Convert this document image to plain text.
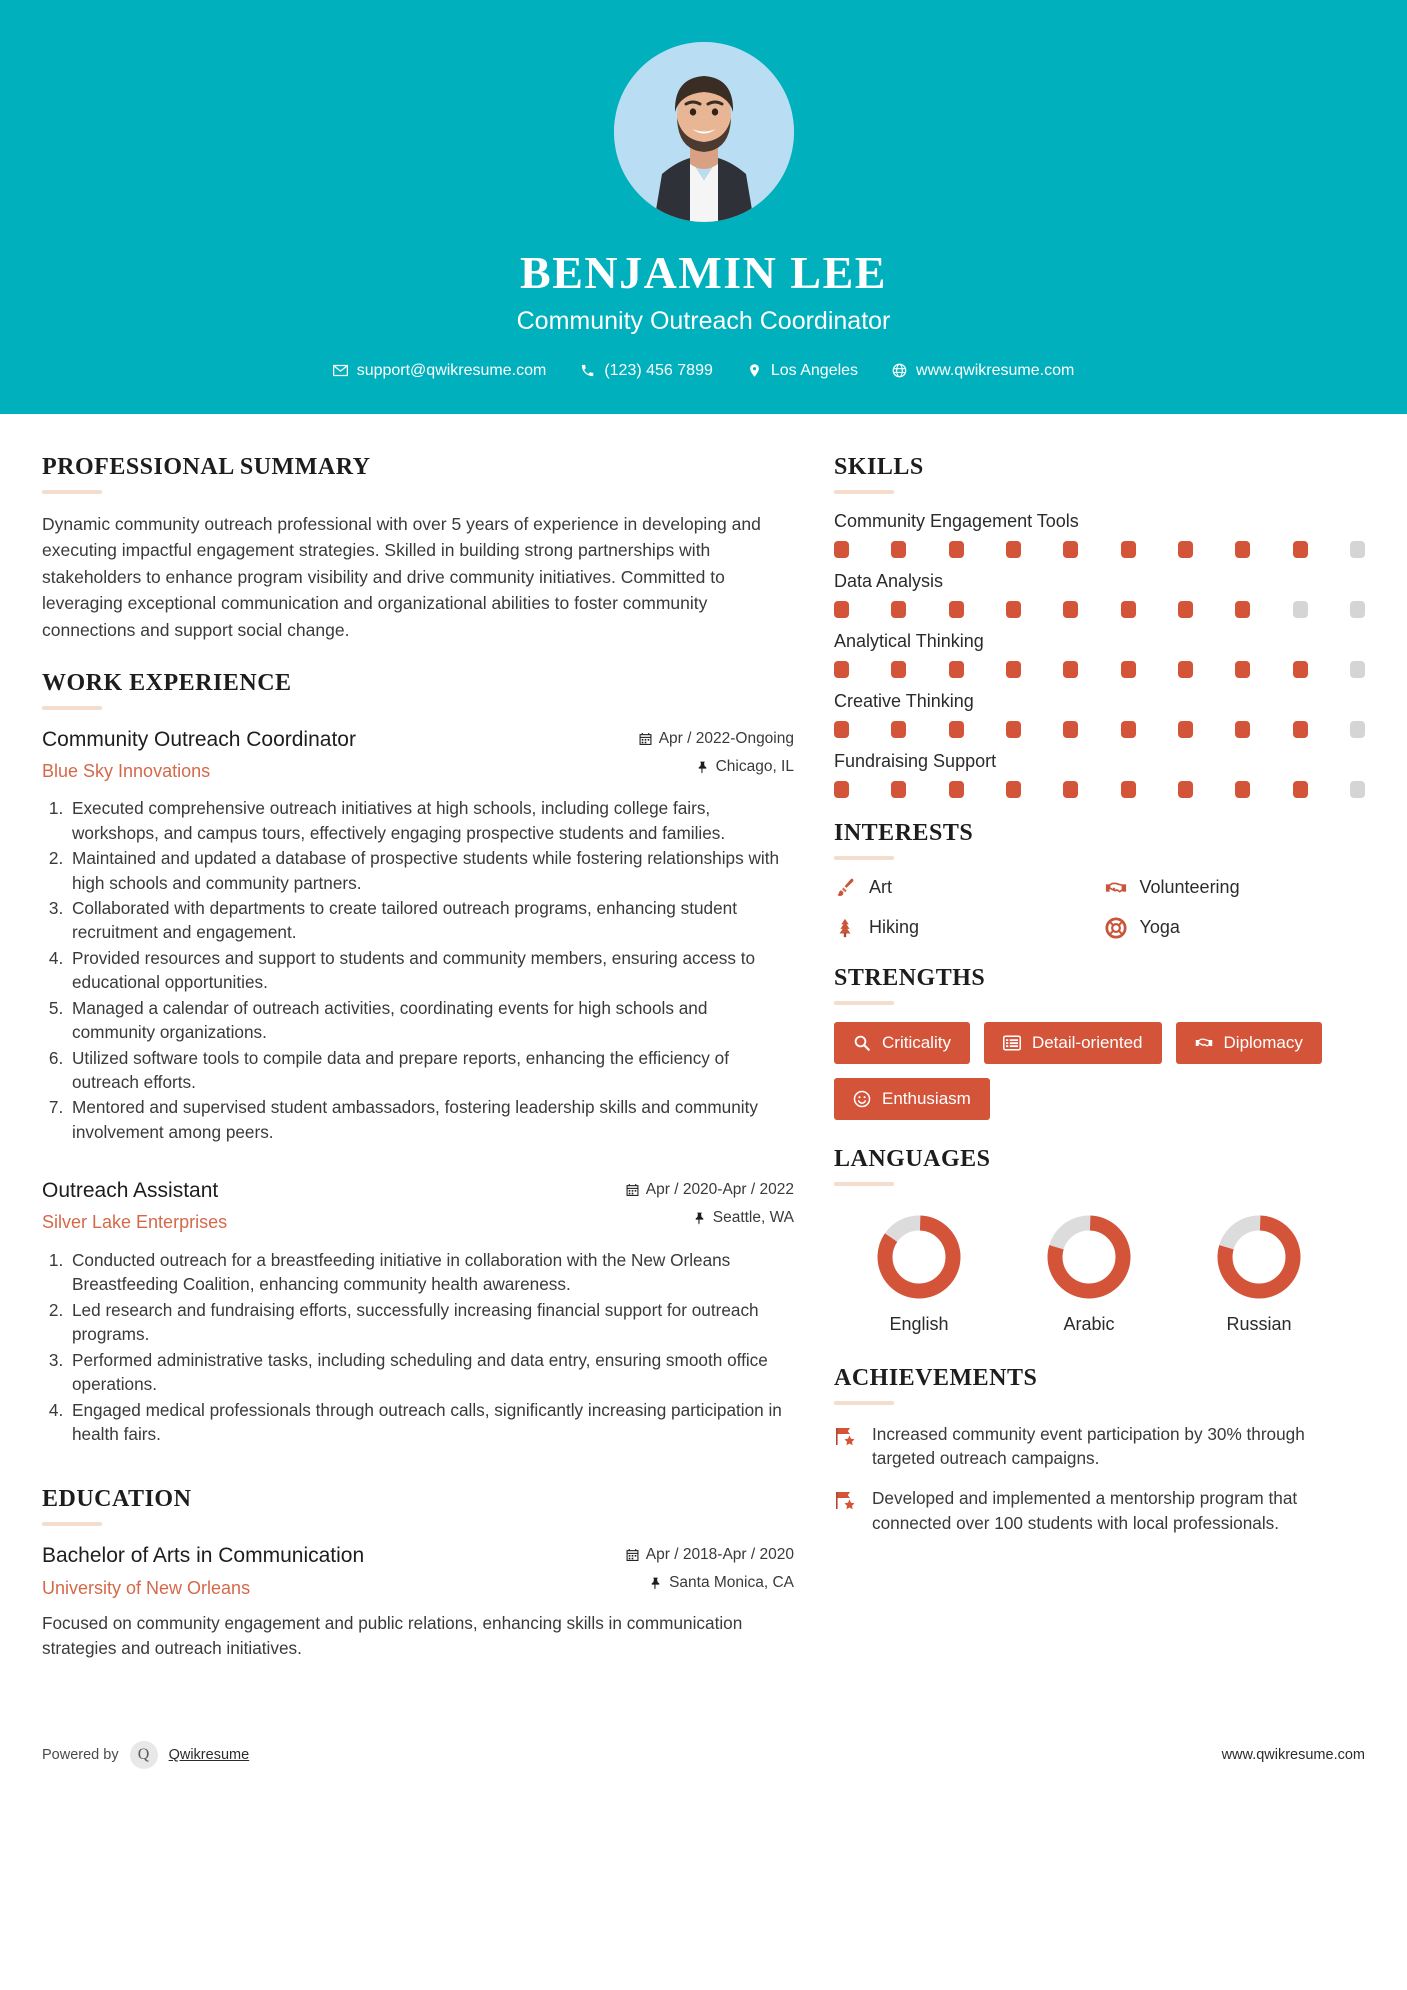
BENJAMIN LEE
Community Outreach Coordinator
support@qwikresume.com	(123) 456 7899	Los Angeles	www.qwikresume.com
PROFESSIONAL SUMMARY
Dynamic community outreach professional with over 5 years of experience in developing and executing impactful engagement strategies. Skilled in building strong partnerships with stakeholders to enhance program visibility and drive community initiatives. Committed to leveraging exceptional communication and organizational abilities to foster community connections and support social change.
WORK EXPERIENCE
Community Outreach Coordinator
Blue Sky Innovations
Apr / 2022-Ongoing
Chicago, IL
1. Executed comprehensive outreach initiatives at high schools, including college fairs, workshops, and campus tours, effectively engaging prospective students and families.
2. Maintained and updated a database of prospective students while fostering relationships with high schools and community partners.
3. Collaborated with departments to create tailored outreach programs, enhancing student recruitment and engagement.
4. Provided resources and support to students and community members, ensuring access to educational opportunities.
5. Managed a calendar of outreach activities, coordinating events for high schools and community organizations.
6. Utilized software tools to compile data and prepare reports, enhancing the efficiency of outreach efforts.
7. Mentored and supervised student ambassadors, fostering leadership skills and community involvement among peers.
Outreach Assistant
Silver Lake Enterprises
Apr / 2020-Apr / 2022
Seattle, WA
1. Conducted outreach for a breastfeeding initiative in collaboration with the New Orleans Breastfeeding Coalition, enhancing community health awareness.
2. Led research and fundraising efforts, successfully increasing financial support for outreach programs.
3. Performed administrative tasks, including scheduling and data entry, ensuring smooth office operations.
4. Engaged medical professionals through outreach calls, significantly increasing participation in health fairs.
EDUCATION
Bachelor of Arts in Communication
University of New Orleans
Apr / 2018-Apr / 2020
Santa Monica, CA
Focused on community engagement and public relations, enhancing skills in communication strategies and outreach initiatives.
SKILLS
Community Engagement Tools
Data Analysis
Analytical Thinking
Creative Thinking
Fundraising Support
INTERESTS
Art	Volunteering
Hiking	Yoga
STRENGTHS
Criticality	Detail-oriented	Diplomacy
Enthusiasm
LANGUAGES
English	Arabic	Russian
ACHIEVEMENTS
Increased community event participation by 30% through targeted outreach campaigns.
Developed and implemented a mentorship program that connected over 100 students with local professionals.
Powered by	Q	Qwikresume	www.qwikresume.com
